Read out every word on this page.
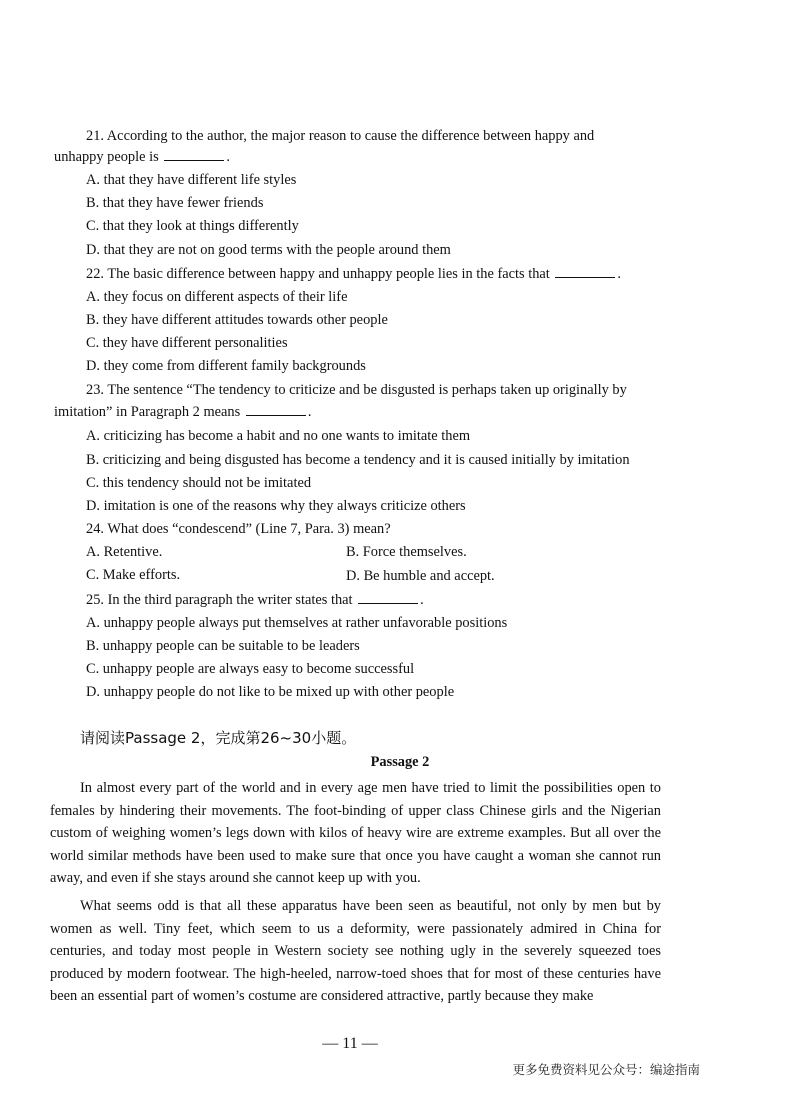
21. According to the author, the major reason to cause the difference between happy and
unhappy people is	.
A. that they have different life styles
B. that they have fewer friends
C. that they look at things differently
D. that they are not on good terms with the people around them
22. The basic difference between happy and unhappy people lies in the facts that	.
A. they focus on different aspects of their life
B. they have different attitudes towards other people
C. they have different personalities
D. they come from different family backgrounds
23. The sentence “The tendency to criticize and be disgusted is perhaps taken up originally by
imitation” in Paragraph 2 means	.
A. criticizing has become a habit and no one wants to imitate them
B. criticizing and being disgusted has become a tendency and it is caused initially by imitation
C. this tendency should not be imitated
D. imitation is one of the reasons why they always criticize others
24. What does “condescend” (Line 7, Para. 3) mean?
A. Retentive.	B. Force themselves.
C. Make efforts.	D. Be humble and accept.
25. In the third paragraph the writer states that	.
A. unhappy people always put themselves at rather unfavorable positions
B. unhappy people can be suitable to be leaders
C. unhappy people are always easy to become successful
D. unhappy people do not like to be mixed up with other people
请阅读Passage 2，完成第26~30小题。
Passage 2
In almost every part of the world and in every age men have tried to limit the possibilities open to females by hindering their movements. The foot-binding of upper class Chinese girls and the Nigerian custom of weighing women’s legs down with kilos of heavy wire are extreme examples. But all over the world similar methods have been used to make sure that once you have caught a woman she cannot run away, and even if she stays around she cannot keep up with you.
What seems odd is that all these apparatus have been seen as beautiful, not only by men but by women as well. Tiny feet, which seem to us a deformity, were passionately admired in China for centuries, and today most people in Western society see nothing ugly in the severely squeezed toes produced by modern footwear. The high-heeled, narrow-toed shoes that for most of these centuries have been an essential part of women’s costume are considered attractive, partly because they make
— 11 —
更多免费资料见公众号：编途指南
